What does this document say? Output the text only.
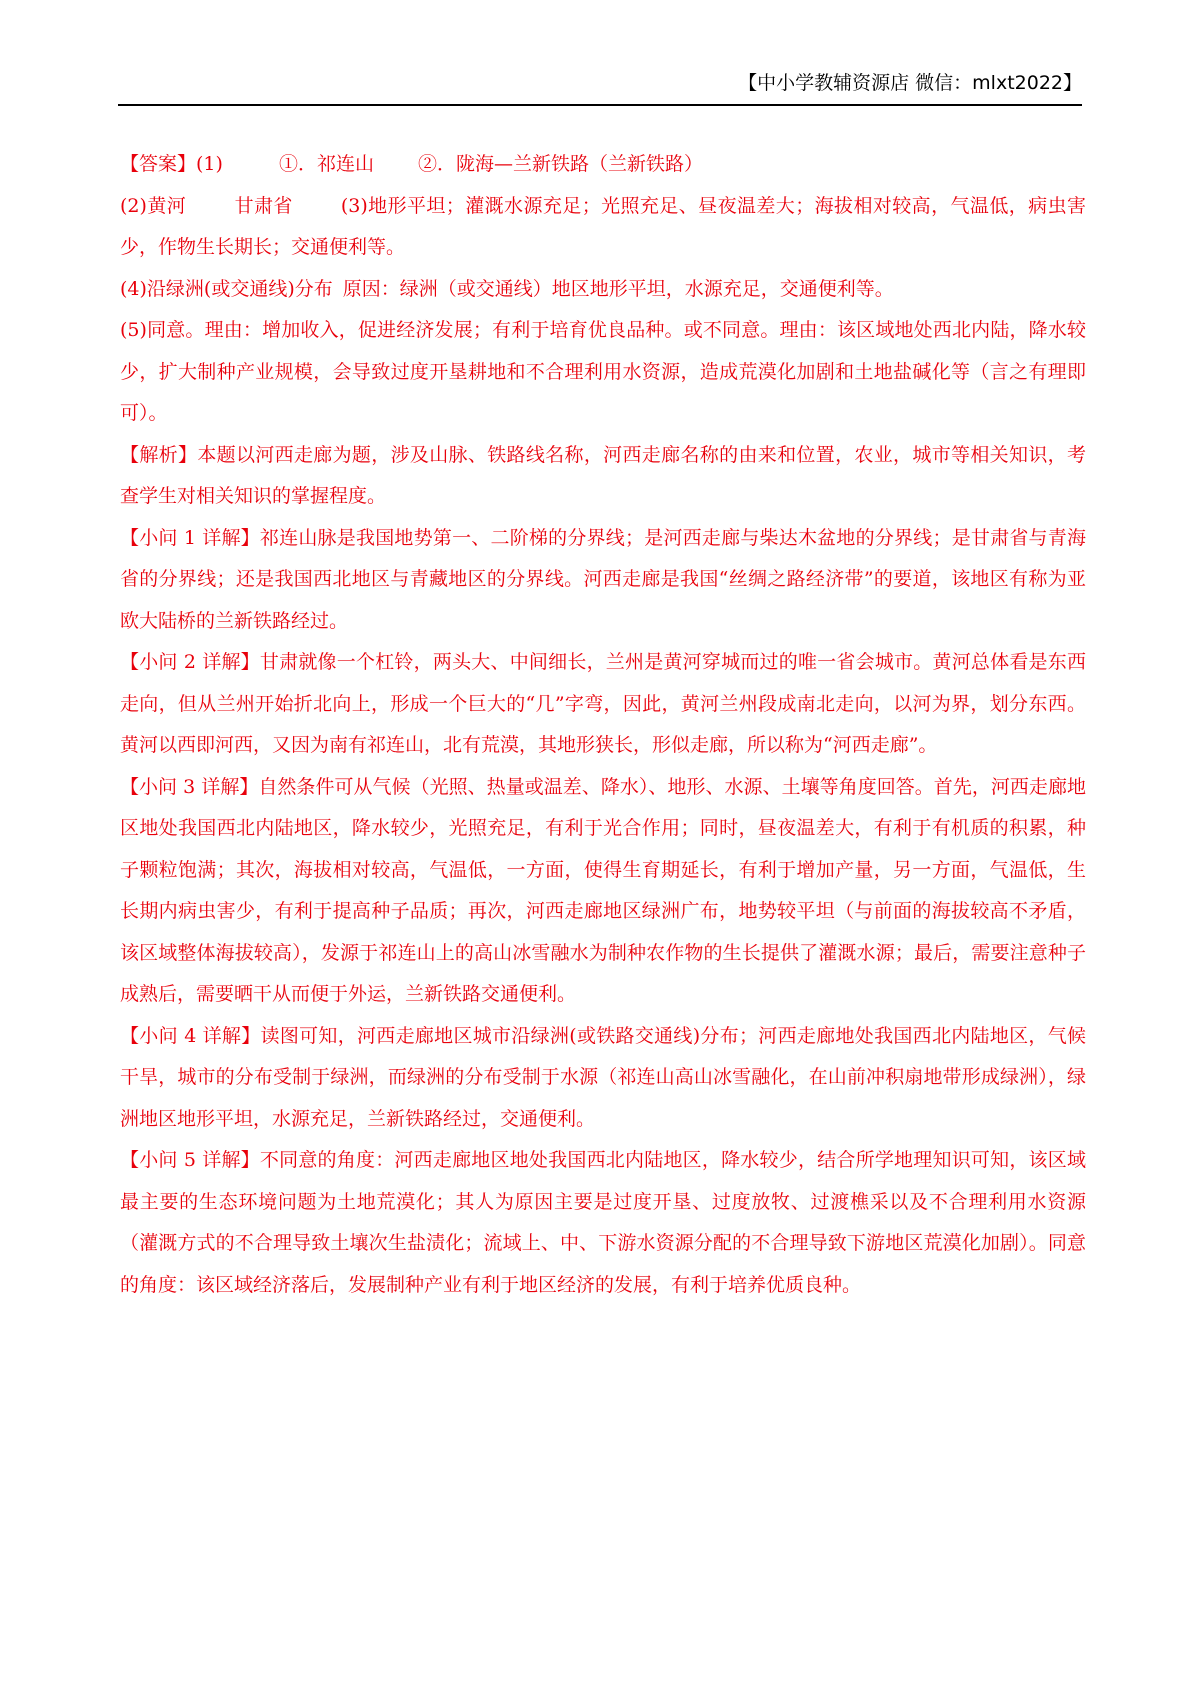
【中小学教辅资源店 微信：mlxt2022】

【答案】(1)	①．祁连山 ②．陇海—兰新铁路（兰新铁路）

(2)黄河	甘肃省	(3)地形平坦；灌溉水源充足；光照充足、昼夜温差大；海拔相对较高，气温低，病虫害少，作物生长期长；交通便利等。

(4)沿绿洲(或交通线)分布 原因：绿洲（或交通线）地区地形平坦，水源充足，交通便利等。

(5)同意。理由：增加收入，促进经济发展；有利于培育优良品种。或不同意。理由：该区域地处西北内陆，降水较少，扩大制种产业规模，会导致过度开垦耕地和不合理利用水资源，造成荒漠化加剧和土地盐碱化等（言之有理即可）。

【解析】本题以河西走廊为题，涉及山脉、铁路线名称，河西走廊名称的由来和位置，农业，城市等相关知识，考查学生对相关知识的掌握程度。

【小问 1 详解】祁连山脉是我国地势第一、二阶梯的分界线；是河西走廊与柴达木盆地的分界线；是甘肃省与青海省的分界线；还是我国西北地区与青藏地区的分界线。河西走廊是我国“丝绸之路经济带”的要道，该地区有称为亚欧大陆桥的兰新铁路经过。

【小问 2 详解】甘肃就像一个杠铃，两头大、中间细长，兰州是黄河穿城而过的唯一省会城市。黄河总体看是东西走向，但从兰州开始折北向上，形成一个巨大的“几”字弯，因此，黄河兰州段成南北走向，以河为界，划分东西。黄河以西即河西，又因为南有祁连山，北有荒漠，其地形狭长，形似走廊，所以称为“河西走廊”。

【小问 3 详解】自然条件可从气候（光照、热量或温差、降水）、地形、水源、土壤等角度回答。首先，河西走廊地区地处我国西北内陆地区，降水较少，光照充足，有利于光合作用；同时，昼夜温差大，有利于有机质的积累，种子颗粒饱满；其次，海拔相对较高，气温低，一方面，使得生育期延长，有利于增加产量，另一方面，气温低，生长期内病虫害少，有利于提高种子品质；再次，河西走廊地区绿洲广布，地势较平坦（与前面的海拔较高不矛盾，该区域整体海拔较高），发源于祁连山上的高山冰雪融水为制种农作物的生长提供了灌溉水源；最后，需要注意种子成熟后，需要晒干从而便于外运，兰新铁路交通便利。

【小问 4 详解】读图可知，河西走廊地区城市沿绿洲(或铁路交通线)分布；河西走廊地处我国西北内陆地区，气候干旱，城市的分布受制于绿洲，而绿洲的分布受制于水源（祁连山高山冰雪融化，在山前冲积扇地带形成绿洲），绿洲地区地形平坦，水源充足，兰新铁路经过，交通便利。

【小问 5 详解】不同意的角度：河西走廊地区地处我国西北内陆地区，降水较少，结合所学地理知识可知，该区域最主要的生态环境问题为土地荒漠化；其人为原因主要是过度开垦、过度放牧、过渡樵采以及不合理利用水资源（灌溉方式的不合理导致土壤次生盐渍化；流域上、中、下游水资源分配的不合理导致下游地区荒漠化加剧）。同意的角度：该区域经济落后，发展制种产业有利于地区经济的发展，有利于培养优质良种。
